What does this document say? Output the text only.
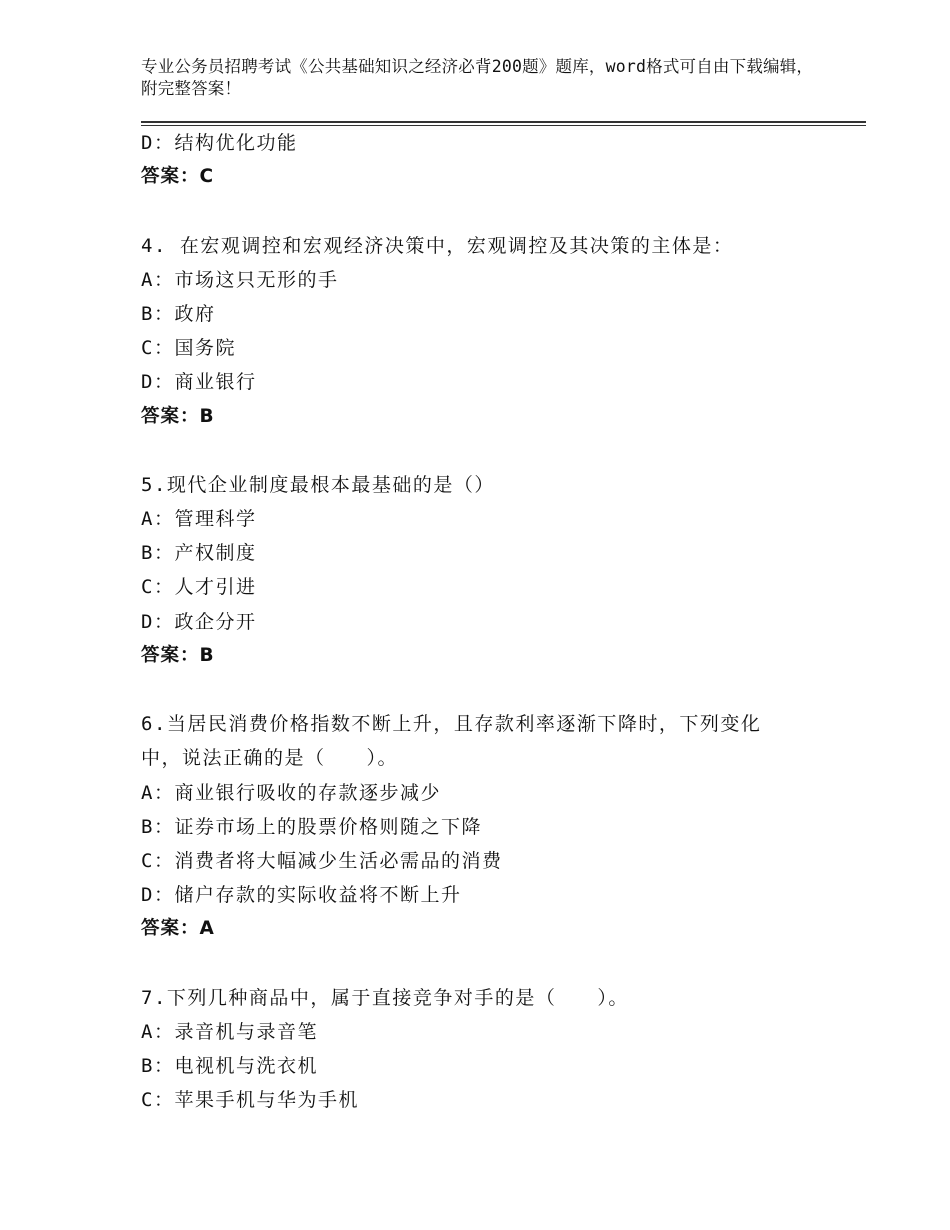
专业公务员招聘考试《公共基础知识之经济必背200题》题库，word格式可自由下载编辑，附完整答案！
D：结构优化功能
答案：C
4. 在宏观调控和宏观经济决策中，宏观调控及其决策的主体是：
A：市场这只无形的手
B：政府
C：国务院
D：商业银行
答案：B
5.现代企业制度最根本最基础的是（）
A：管理科学
B：产权制度
C：人才引进
D：政企分开
答案：B
6.当居民消费价格指数不断上升，且存款利率逐渐下降时，下列变化中，说法正确的是（　　）。
A：商业银行吸收的存款逐步减少
B：证券市场上的股票价格则随之下降
C：消费者将大幅减少生活必需品的消费
D：储户存款的实际收益将不断上升
答案：A
7.下列几种商品中，属于直接竞争对手的是（　　）。
A：录音机与录音笔
B：电视机与洗衣机
C：苹果手机与华为手机
